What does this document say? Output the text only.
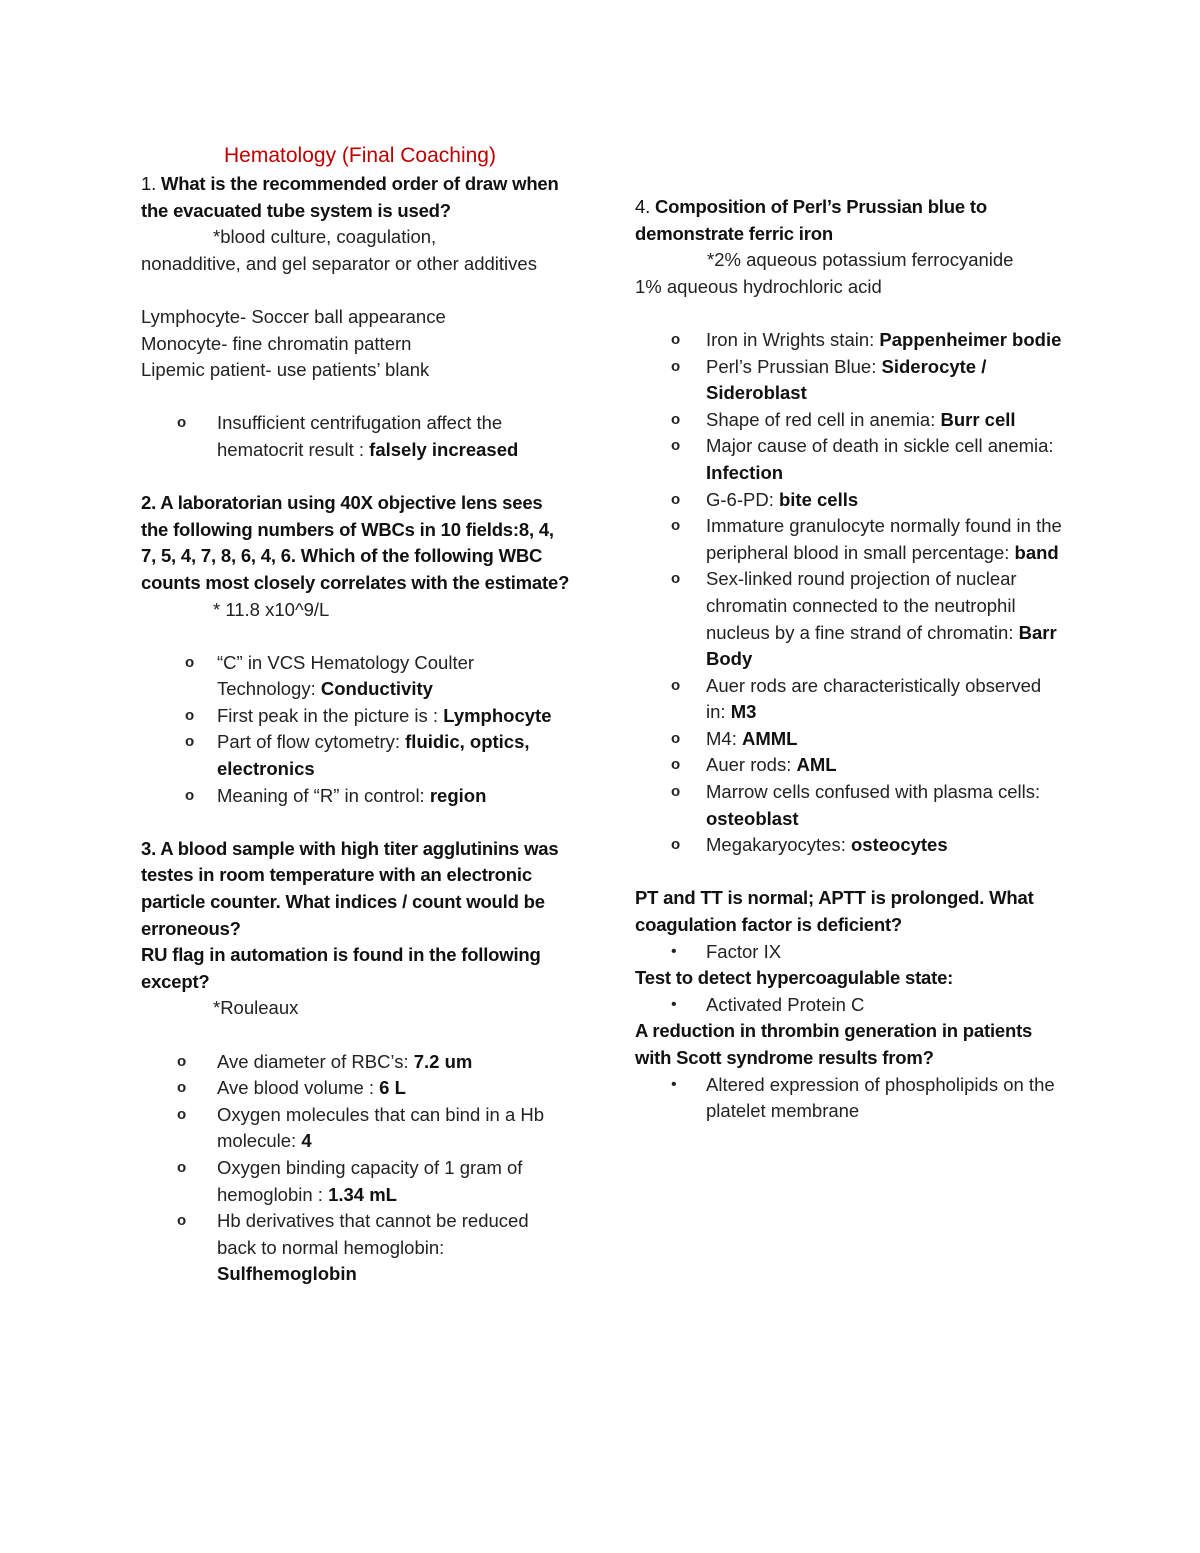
Hematology (Final Coaching)
1. What is the recommended order of draw when the evacuated tube system is used?
*blood culture, coagulation,
nonadditive, and gel separator or other additives
Lymphocyte- Soccer ball appearance
Monocyte- fine chromatin pattern
Lipemic patient- use patients’ blank
o Insufficient centrifugation affect the hematocrit result : falsely increased
2. A laboratorian using 40X objective lens sees the following numbers of WBCs in 10 fields:8, 4, 7, 5, 4, 7, 8, 6, 4, 6. Which of the following WBC counts most closely correlates with the estimate?
* 11.8 x10^9/L
o “C” in VCS Hematology Coulter Technology: Conductivity
o First peak in the picture is : Lymphocyte
o Part of flow cytometry: fluidic, optics, electronics
o Meaning of “R” in control: region
3. A blood sample with high titer agglutinins was testes in room temperature with an electronic particle counter. What indices / count would be erroneous?
RU flag in automation is found in the following except?
*Rouleaux
o Ave diameter of RBC’s: 7.2 um
o Ave blood volume : 6 L
o Oxygen molecules that can bind in a Hb molecule: 4
o Oxygen binding capacity of 1 gram of hemoglobin : 1.34 mL
o Hb derivatives that cannot be reduced back to normal hemoglobin: Sulfhemoglobin
4. Composition of Perl’s Prussian blue to demonstrate ferric iron
*2% aqueous potassium ferrocyanide
1% aqueous hydrochloric acid
o Iron in Wrights stain: Pappenheimer bodie
o Perl’s Prussian Blue: Siderocyte / Sideroblast
o Shape of red cell in anemia: Burr cell
o Major cause of death in sickle cell anemia: Infection
o G-6-PD: bite cells
o Immature granulocyte normally found in the peripheral blood in small percentage: band
o Sex-linked round projection of nuclear chromatin connected to the neutrophil nucleus by a fine strand of chromatin: Barr Body
o Auer rods are characteristically observed in: M3
o M4: AMML
o Auer rods: AML
o Marrow cells confused with plasma cells: osteoblast
o Megakaryocytes: osteocytes
PT and TT is normal; APTT is prolonged. What coagulation factor is deficient?
• Factor IX
Test to detect hypercoagulable state:
• Activated Protein C
A reduction in thrombin generation in patients with Scott syndrome results from?
• Altered expression of phospholipids on the platelet membrane
